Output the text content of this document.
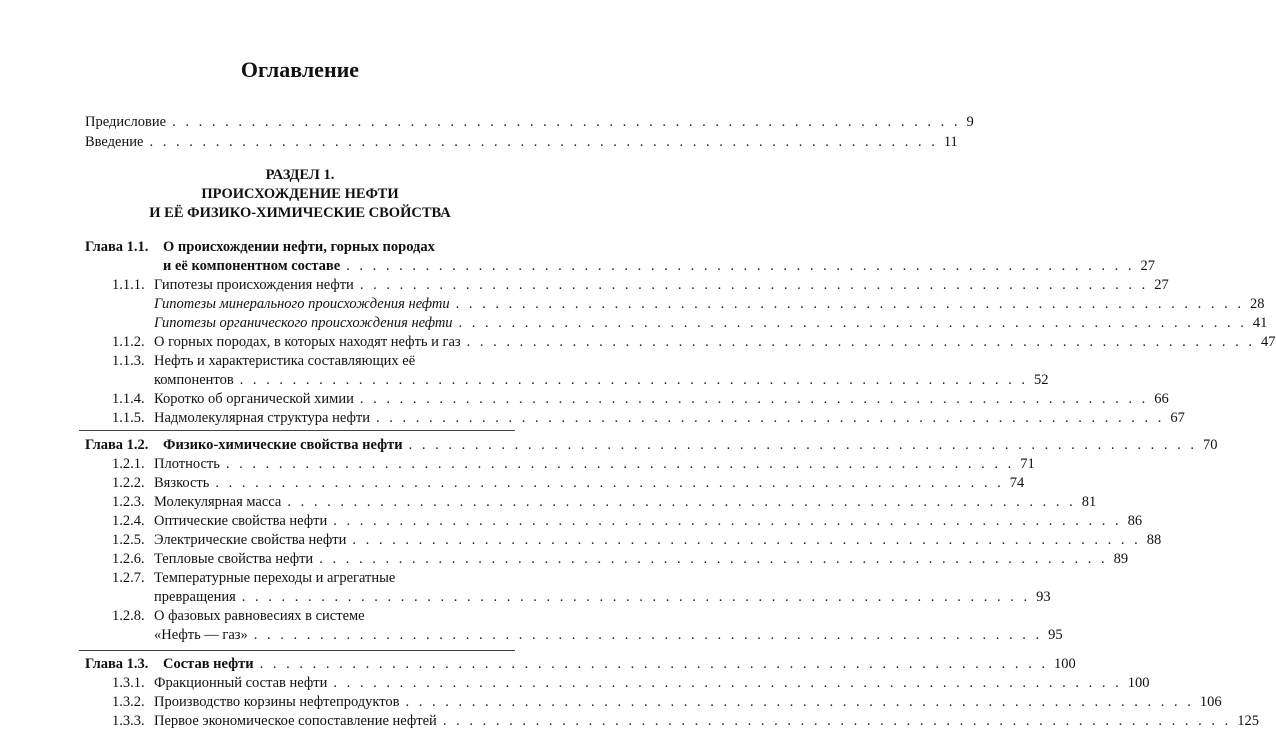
Оглавление
Предисловие . . . . . . . . . . . . . . . . . . . . . . . . . . . . . . . . . . . . . . . . . . . . . . . . . . . . . . . . . . . . 9
Введение . . . . . . . . . . . . . . . . . . . . . . . . . . . . . . . . . . . . . . . . . . . . . . . . . . . . . . . . . . . . 11
РАЗДЕЛ 1.
ПРОИСХОЖДЕНИЕ НЕФТИ
И ЕЁ ФИЗИКО-ХИМИЧЕСКИЕ СВОЙСТВА
Глава 1.1. О происхождении нефти, горных породах
и её компонентном составе . . . . . . . . . . . . . . . . . . . . . . . . . . . . . . . . . . . . . . . . . . . . . . . . . . . . . . . . . . . . 27
1.1.1. Гипотезы происхождения нефти . . . . . . . . . . . . . . . . . . . . . . . . . . . . . . . . . . . . . . . . . . . . . . . . . . . . . . . . . . . . 27
Гипотезы минерального происхождения нефти . . . . . . . . . . . . . . . . . . . . . . . . . . . . . . . . . . . . . . . . . . . . . . . . . . . . . . . . . . . . 28
Гипотезы органического происхождения нефти . . . . . . . . . . . . . . . . . . . . . . . . . . . . . . . . . . . . . . . . . . . . . . . . . . . . . . . . . . . . 41
1.1.2. О горных породах, в которых находят нефть и газ . . . . . . . . . . . . . . . . . . . . . . . . . . . . . . . . . . . . . . . . . . . . . . . . . . . . . . . . . . . . 47
1.1.3. Нефть и характеристика составляющих её
компонентов . . . . . . . . . . . . . . . . . . . . . . . . . . . . . . . . . . . . . . . . . . . . . . . . . . . . . . . . . . . . 52
1.1.4. Коротко об органической химии . . . . . . . . . . . . . . . . . . . . . . . . . . . . . . . . . . . . . . . . . . . . . . . . . . . . . . . . . . . . 66
1.1.5. Надмолекулярная структура нефти . . . . . . . . . . . . . . . . . . . . . . . . . . . . . . . . . . . . . . . . . . . . . . . . . . . . . . . . . . . . 67
Глава 1.2.	Физико-химические свойства нефти . . . . . . . . . . . . . . . . . . . . . . . . . . . . . . . . . . . . . . . . . . . . . . . . . . . . . . . . . . . . 70
1.2.1. Плотность . . . . . . . . . . . . . . . . . . . . . . . . . . . . . . . . . . . . . . . . . . . . . . . . . . . . . . . . . . . . 71
1.2.2. Вязкость . . . . . . . . . . . . . . . . . . . . . . . . . . . . . . . . . . . . . . . . . . . . . . . . . . . . . . . . . . . . 74
1.2.3. Молекулярная масса . . . . . . . . . . . . . . . . . . . . . . . . . . . . . . . . . . . . . . . . . . . . . . . . . . . . . . . . . . . . 81
1.2.4. Оптические свойства нефти . . . . . . . . . . . . . . . . . . . . . . . . . . . . . . . . . . . . . . . . . . . . . . . . . . . . . . . . . . . . 86
1.2.5. Электрические свойства нефти . . . . . . . . . . . . . . . . . . . . . . . . . . . . . . . . . . . . . . . . . . . . . . . . . . . . . . . . . . . . 88
1.2.6. Тепловые свойства нефти . . . . . . . . . . . . . . . . . . . . . . . . . . . . . . . . . . . . . . . . . . . . . . . . . . . . . . . . . . . . 89
1.2.7. Температурные переходы и агрегатные
превращения . . . . . . . . . . . . . . . . . . . . . . . . . . . . . . . . . . . . . . . . . . . . . . . . . . . . . . . . . . . . 93
1.2.8. О фазовых равновесиях в системе
«Нефть — газ» . . . . . . . . . . . . . . . . . . . . . . . . . . . . . . . . . . . . . . . . . . . . . . . . . . . . . . . . . . . . 95
Глава 1.3.	Состав нефти . . . . . . . . . . . . . . . . . . . . . . . . . . . . . . . . . . . . . . . . . . . . . . . . . . . . . . . . . . . . 100
1.3.1. Фракционный состав нефти . . . . . . . . . . . . . . . . . . . . . . . . . . . . . . . . . . . . . . . . . . . . . . . . . . . . . . . . . . . . 100
1.3.2. Производство корзины нефтепродуктов . . . . . . . . . . . . . . . . . . . . . . . . . . . . . . . . . . . . . . . . . . . . . . . . . . . . . . . . . . . . 106
1.3.3. Первое экономическое сопоставление нефтей . . . . . . . . . . . . . . . . . . . . . . . . . . . . . . . . . . . . . . . . . . . . . . . . . . . . . . . . . . . . 125
